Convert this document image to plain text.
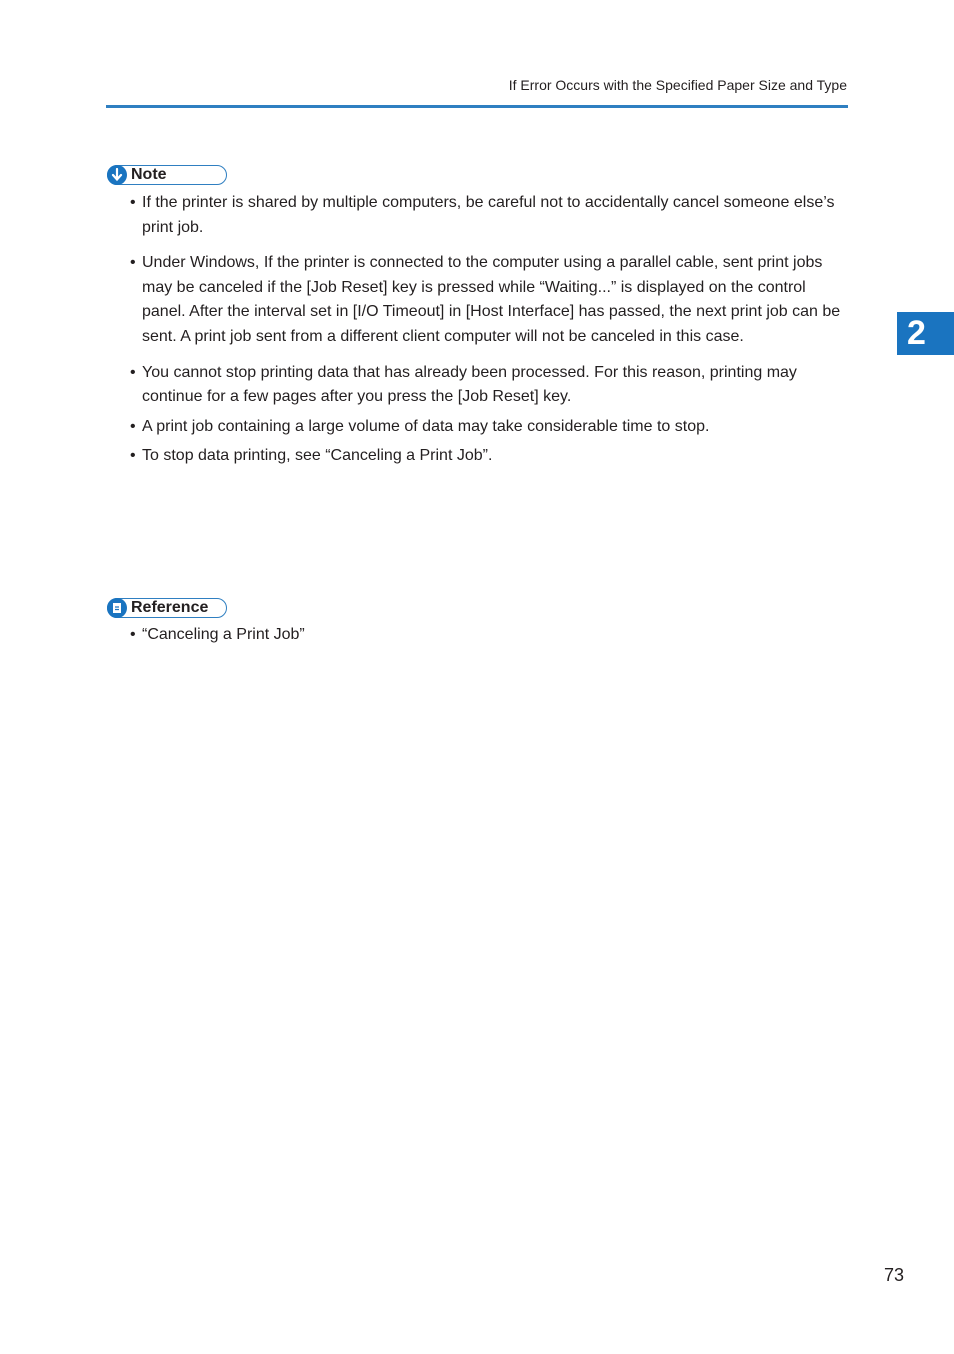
If Error Occurs with the Specified Paper Size and Type
2
Note
• If the printer is shared by multiple computers, be careful not to accidentally cancel someone else’s print job.
• Under Windows, If the printer is connected to the computer using a parallel cable, sent print jobs may be canceled if the [Job Reset] key is pressed while “Waiting...” is displayed on the control panel. After the interval set in [I/O Timeout] in [Host Interface] has passed, the next print job can be sent. A print job sent from a different client computer will not be canceled in this case.
• You cannot stop printing data that has already been processed. For this reason, printing may continue for a few pages after you press the [Job Reset] key.
• A print job containing a large volume of data may take considerable time to stop.
• To stop data printing, see “Canceling a Print Job”.
Reference
• “Canceling a Print Job”
73
